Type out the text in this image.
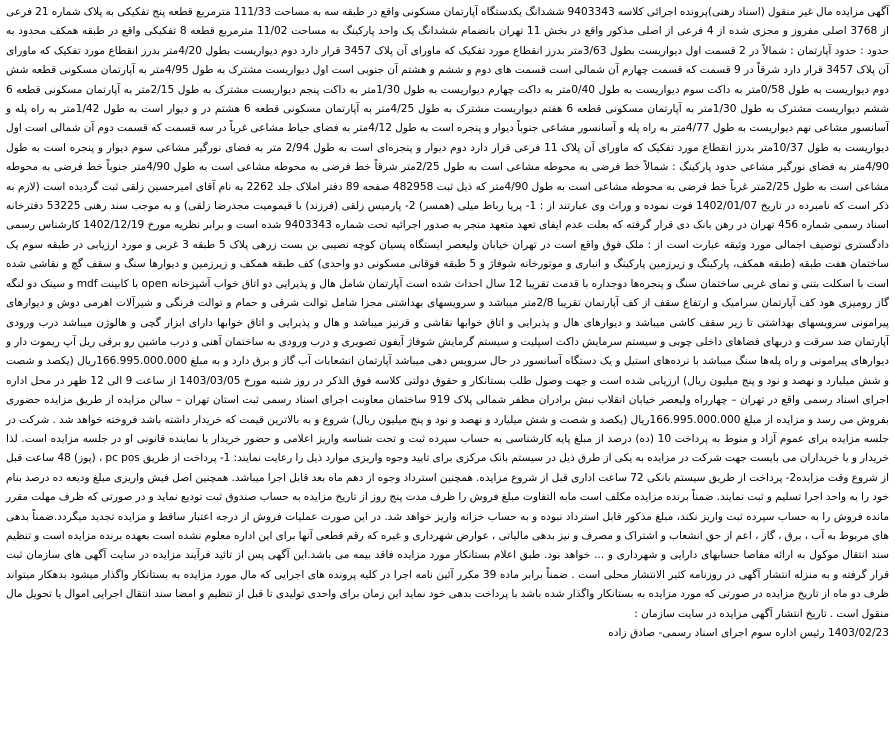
آگهی مزایده مال غیر منقول (اسناد رهنی)پرونده اجرائی کلاسه 9403343 ششدانگ یکدستگاه آپارتمان مسکونی واقع در طبقه سه به مساحت 111/33 مترمربع قطعه پنج تفکیکی به پلاک شماره 21 فرعی از 3768 اصلی مفروز و مجزی شده از 4 فرعی از اصلی مذکور واقع در بخش 11 تهران بانضمام ششدانگ یک واحد پارکینگ به مساحت 11/02 مترمربع قطعه 8 تفکیکی واقع در طبقه همکف محدود به حدود : حدود آپارتمان : شمالاً در 2 قسمت اول دیواریست بطول 3/63متر بدرز انقطاع مورد تفکیک که ماورای آن پلاک 3457 قرار دارد دوم دیواریست بطول 4/20متر بدرز انقطاع مورد تفکیک که ماورای آن پلاک 3457 قرار دارد شرقاً در 9 قسمت که قسمت چهارم آن شمالی است قسمت های دوم و ششم و هشتم آن جنوبی است اول دیواریست مشترک به طول 4/95متر به آپارتمان مسکونی قطعه شش دوم دیواریست به طول 0/58متر به داکت سوم دیواریست به طول 0/40متر به داکت چهارم دیواریست به طول 1/30متر به داکت پنجم دیواریست مشترک به طول 2/15متر به آپارتمان مسکونی قطعه 6 ششم دیواریست مشترک به طول 1/30متر به آپارتمان مسکونی قطعه 6 هفتم دیواریست مشترک به طول 4/25متر به آپارتمان مسکونی قطعه 6 هشتم در و دیوار است به طول 1/42متر به راه پله و آسانسور مشاعی نهم دیواریست به طول 4/77متر به راه پله و آسانسور مشاعی جنوباً دیوار و پنجره است به طول 4/12متر به فضای حیاط مشاعی غرباً در سه قسمت که قسمت دوم آن شمالی است اول دیواریست به طول 10/37متر بدرز انقطاع مورد تفکیک که ماورای آن پلاک 11 فرعی قرار دارد دوم دیوار و پنجره‌ای است به طول 2/94 متر به فضای نورگیر مشاعی سوم دیوار و پنجره است به طول 4/90متر به فضای نورگیر مشاعی حدود پارکینگ : شمالاً خط فرضی به محوطه مشاعی است به طول 2/25متر شرقاً خط فرضی به محوطه مشاعی است به طول 4/90متر جنوباً خط فرضی به محوطه مشاعی است به طول 2/25متر غرباً خط فرضی به محوطه مشاعی است به طول 4/90متر که ذیل ثبت 482958 صفحه 89 دفتر املاک جلد 2262 به نام آقای امیرحسین زلقی ثبت گردیده است (لازم به ذکر است که نامبرده در تاریخ 1402/01/07 فوت نموده و وراث وی عبارتند از : 1- پریا رباط میلی (همسر) 2- پارمیس زلقی (فرزند) با قیمومیت مجدرضا زلقی) و به موجب سند رهنی 53225 دفترخانه اسناد رسمی شماره 456 تهران در رهن بانک دی قرار گرفته که بعلت عدم ایفای تعهد متعهد منجر به صدور اجرائیه تحت شماره 9403343 شده است و برابر نظریه مورخ 1402/12/19 کارشناس رسمی دادگستری توصیف اجمالی مورد وثیقه عبارت است از : ملک فوق واقع است در تهران خیابان ولیعصر ایستگاه پسیان کوچه نصیبی بن بست زرهی پلاک 5 طبقه 3 غربی و مورد ارزیابی در طبقه سوم یک ساختمان هفت طبقه (طبقه همکف، پارکینگ و زیرزمین پارکینگ و انباری و موتورخانه شوفاژ و 5 طبقه فوقانی مسکونی دو واحدی) کف طبقه همکف و زیرزمین و دیوارها سنگ و سقف گچ و نقاشی شده است با اسکلت بتنی و نمای غربی ساختمان سنگ و پنجره‌ها دوجداره با قدمت تقریبا 12 سال احداث شده است آپارتمان شامل هال و پذیرایی دو اتاق خواب آشپزخانه open با کابینت mdf و سینک دو لنگه گاز رومیزی هود کف آپارتمان سرامیک و ارتفاع سقف از کف آپارتمان تقریبا 2/8متر میباشد و سرویسهای بهداشتی مجزا شامل توالت شرقی و حمام و توالت فرنگی و شیرآلات اهرمی دوش و دیوارهای پیرامونی سرویسهای بهداشتی تا زیر سقف کاشی میباشد و دیوارهای هال و پذیرایی و اتاق خوابها نقاشی و قرنیز میباشد و هال و پذیرایی و اتاق خوابها دارای ابزار گچی و هالوژن میباشد درب ورودی آپارتمان ضد سرقت و دربهای فضاهای داخلی چوبی و سیستم سرمایش داکت اسپلیت و سیستم گرمایش شوفاژ آیفون تصویری و درب ورودی به ساختمان آهنی و درب ماشین رو برقی ریل آپ ریموت دار و دیوارهای پیرامونی و راه پله‌ها سنگ میباشد با نرده‌های استیل و یک دستگاه آسانسور در حال سرویس دهی میباشد آپارتمان انشعابات آب گاز و برق دارد و به مبلغ 166.995.000.000ریال (یکصد و شصت و شش میلیارد و نهصد و نود و پنج میلیون ریال) ارزیابی شده است و جهت وصول طلب بستانکار و حقوق دولتی کلاسه فوق الذکر در روز شنبه مورخ 1403/03/05 از ساعت 9 الی 12 ظهر در محل اداره اجرای اسناد رسمی واقع در تهران – چهارراه ولیعصر خیابان انقلاب نبش برادران مظفر شمالی پلاک 919 ساختمان معاونت اجرای اسناد رسمی ثبت استان تهران – سالن مزایده از طریق مزایده حضوری بفروش می رسد و مزایده از مبلغ 166.995.000.000ریال (یکصد و شصت و شش میلیارد و نهصد و نود و پنج میلیون ریال) شروع و به بالاترین قیمت که خریدار داشته باشد فروخته خواهد شد . شرکت در جلسه مزایده برای عموم آزاد و منوط به پرداخت 10 (ده) درصد از مبلغ پایه کارشناسی به حساب سپرده ثبت و تحت شناسه واریز اعلامی و حضور خریدار یا نماینده قانونی او در جلسه مزایده است. لذا خریدار و یا خریداران می بایست جهت شرکت در مزایده به یکی از طرق ذیل در سیستم بانک مرکزی برای تایید وجوه واریزی موارد ذیل را رعایت نمایند: 1- پرداخت از طریق pc pos ، (پوز) 48 ساعت قبل از شروع وقت مزایده2- پرداخت از طریق سیستم بانکی 72 ساعت اداری قبل از شروع مزایده. همچنین استرداد وجوه از دهم ماه بعد قابل اجرا میباشد. همچنین اصل فیش واریزی مبلغ ودیعه ده درصد بنام خود را به واحد اجرا تسلیم و ثبت نمایند. ضمناً برنده مزایده مکلف است مابه التفاوت مبلغ فروش را ظرف مدت پنج روز از تاریخ مزایده به حساب صندوق ثبت تودیع نماید و در صورتی که ظرف مهلت مقرر مانده فروش را به حساب سپرده ثبت واریز نکند، مبلغ مذکور قابل استرداد نبوده و به حساب خزانه واریز خواهد شد. در این صورت عملیات فروش از درجه اعتبار ساقط و مزایده تجدید میگردد.ضمناً بدهی های مربوط به آب ، برق ، گاز ، اعم از حق انشعاب و اشتراک و مصرف و نیز بدهی مالیاتی ، عوارض شهرداری و غیره که رقم قطعی آنها برای این اداره معلوم نشده است بعهده برنده مزایده است و تنظیم سند انتقال موکول به ارائه مفاصا حسابهای دارایی و شهرداری و ... خواهد بود. طبق اعلام بستانکار مورد مزایده فاقد بیمه می باشد.این آگهی پس از تائید فرآیند مزایده در سایت آگهی های سازمان ثبت قرار گرفته و به منزله انتشار آگهی در روزنامه کثیر الانتشار محلی است . ضمناً برابر ماده 39 مکرر آئین نامه اجرا در کلیه پرونده های اجرایی که مال مورد مزایده به بستانکار واگذار میشود بدهکار میتواند ظرف دو ماه از تاریخ مزایده در صورتی که مورد مزایده به بستانکار واگذار شده باشد با پرداخت بدهی خود نماید این زمان برای واحدی تولیدی تا قبل از تنظیم و امضا سند انتقال اجرایی اموال یا تحویل مال منقول است . تاریخ انتشار آگهی مزایده در سایت سازمان :

1403/02/23 رئیس اداره سوم اجرای اسناد رسمی- صادق زاده
